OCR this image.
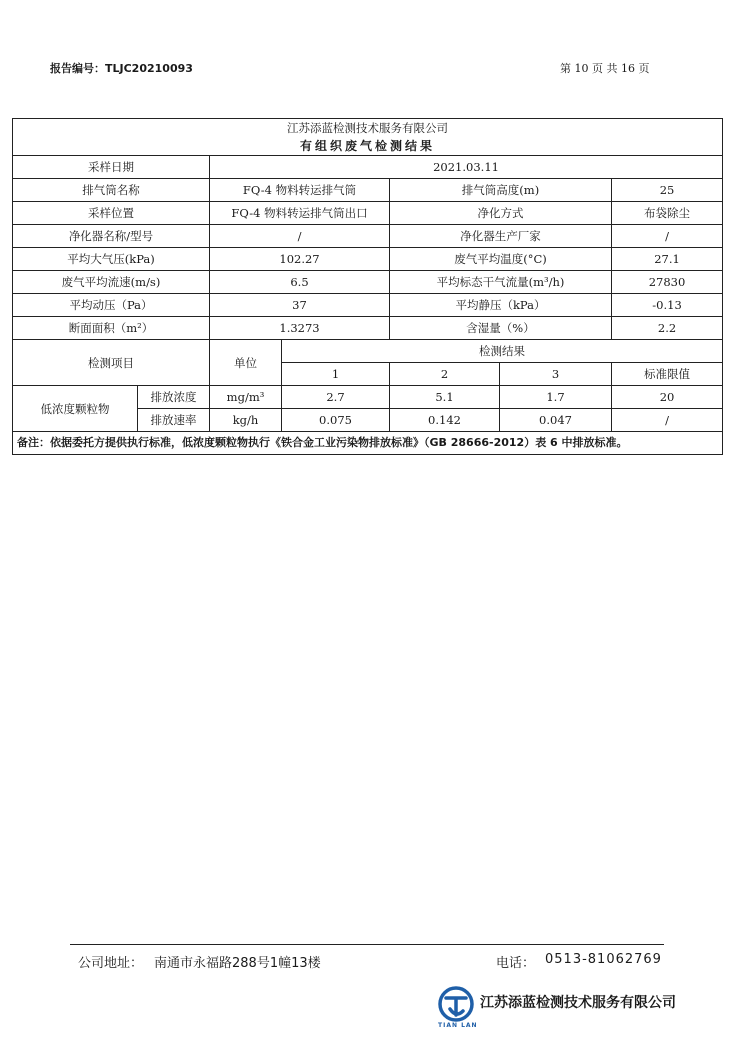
报告编号：TLJC20210093	第 10 页 共 16 页
江苏添蓝检测技术服务有限公司						
有组织废气检测结果						
采样日期		2021.03.11				
排气筒名称		FQ-4 物料转运排气筒		排气筒高度(m)		25
采样位置		FQ-4 物料转运排气筒出口		净化方式		布袋除尘
净化器名称/型号		/		净化器生产厂家		/
平均大气压(kPa)		102.27		废气平均温度(°C)		27.1
废气平均流速(m/s)		6.5		平均标态干气流量(m³/h)		27830
平均动压（Pa）		37		平均静压（kPa）		-0.13
断面面积（m²）		1.3273		含湿量（%）		2.2
检测项目		单位	检测结果			
			1	2	3	标准限值
低浓度颗粒物	排放浓度	mg/m³	2.7	5.1	1.7	20
	排放速率	kg/h	0.075	0.142	0.047	/
备注：依据委托方提供执行标准，低浓度颗粒物执行《铁合金工业污染物排放标准》（GB 28666-2012）表 6 中排放标准。						
公司地址： 南通市永福路288号1幢13楼	电话： 0513-81062769
TIAN LAN
江苏添蓝检测技术服务有限公司
